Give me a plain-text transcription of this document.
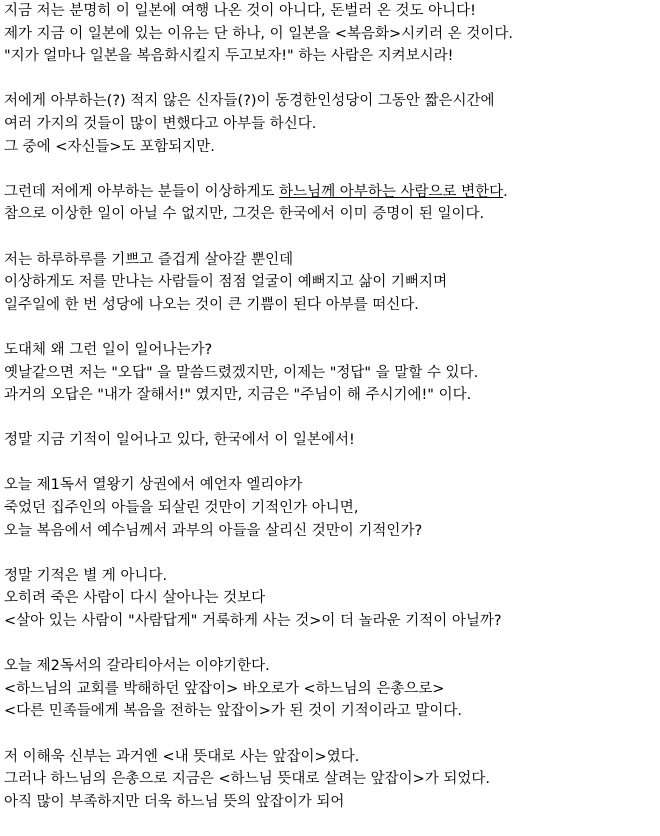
지금 저는 분명히 이 일본에 여행 나온 것이 아니다, 돈벌러 온 것도 아니다!
제가 지금 이 일본에 있는 이유는 단 하나, 이 일본을 <복음화>시키러 온 것이다.
"지가 얼마나 일본을 복음화시킬지 두고보자!" 하는 사람은 지켜보시라!
저에게 아부하는(?) 적지 않은 신자들(?)이 동경한인성당이 그동안 짧은시간에
여러 가지의 것들이 많이 변했다고 아부들 하신다.
그 중에 <자신들>도 포함되지만.
그런데 저에게 아부하는 분들이 이상하게도 하느님께 아부하는 사람으로 변한다.
참으로 이상한 일이 아닐 수 없지만, 그것은 한국에서 이미 증명이 된 일이다.
저는 하루하루를 기쁘고 즐겁게 살아갈 뿐인데
이상하게도 저를 만나는 사람들이 점점 얼굴이 예뻐지고 삶이 기뻐지며
일주일에 한 번 성당에 나오는 것이 큰 기쁨이 된다 아부를 떠신다.
도대체 왜 그런 일이 일어나는가?
옛날같으면 저는 "오답" 을 말씀드렸겠지만, 이제는 "정답" 을 말할 수 있다.
과거의 오답은 "내가 잘해서!" 였지만, 지금은 "주님이 해 주시기에!" 이다.
정말 지금 기적이 일어나고 있다, 한국에서 이 일본에서!
오늘 제1독서 열왕기 상권에서 예언자 엘리야가
죽었던 집주인의 아들을 되살린 것만이 기적인가 아니면,
오늘 복음에서 예수님께서 과부의 아들을 살리신 것만이 기적인가?
정말 기적은 별 게 아니다.
오히려 죽은 사람이 다시 살아나는 것보다
<살아 있는 사람이 "사람답게" 거룩하게 사는 것>이 더 놀라운 기적이 아닐까?
오늘 제2독서의 갈라티아서는 이야기한다.
<하느님의 교회를 박해하던 앞잡이> 바오로가 <하느님의 은총으로>
<다른 민족들에게 복음을 전하는 앞잡이>가 된 것이 기적이라고 말이다.
저 이해욱 신부는 과거엔 <내 뜻대로 사는 앞잡이>였다.
그러나 하느님의 은총으로 지금은 <하느님 뜻대로 살려는 앞잡이>가 되었다.
아직 많이 부족하지만 더욱 하느님 뜻의 앞잡이가 되어
